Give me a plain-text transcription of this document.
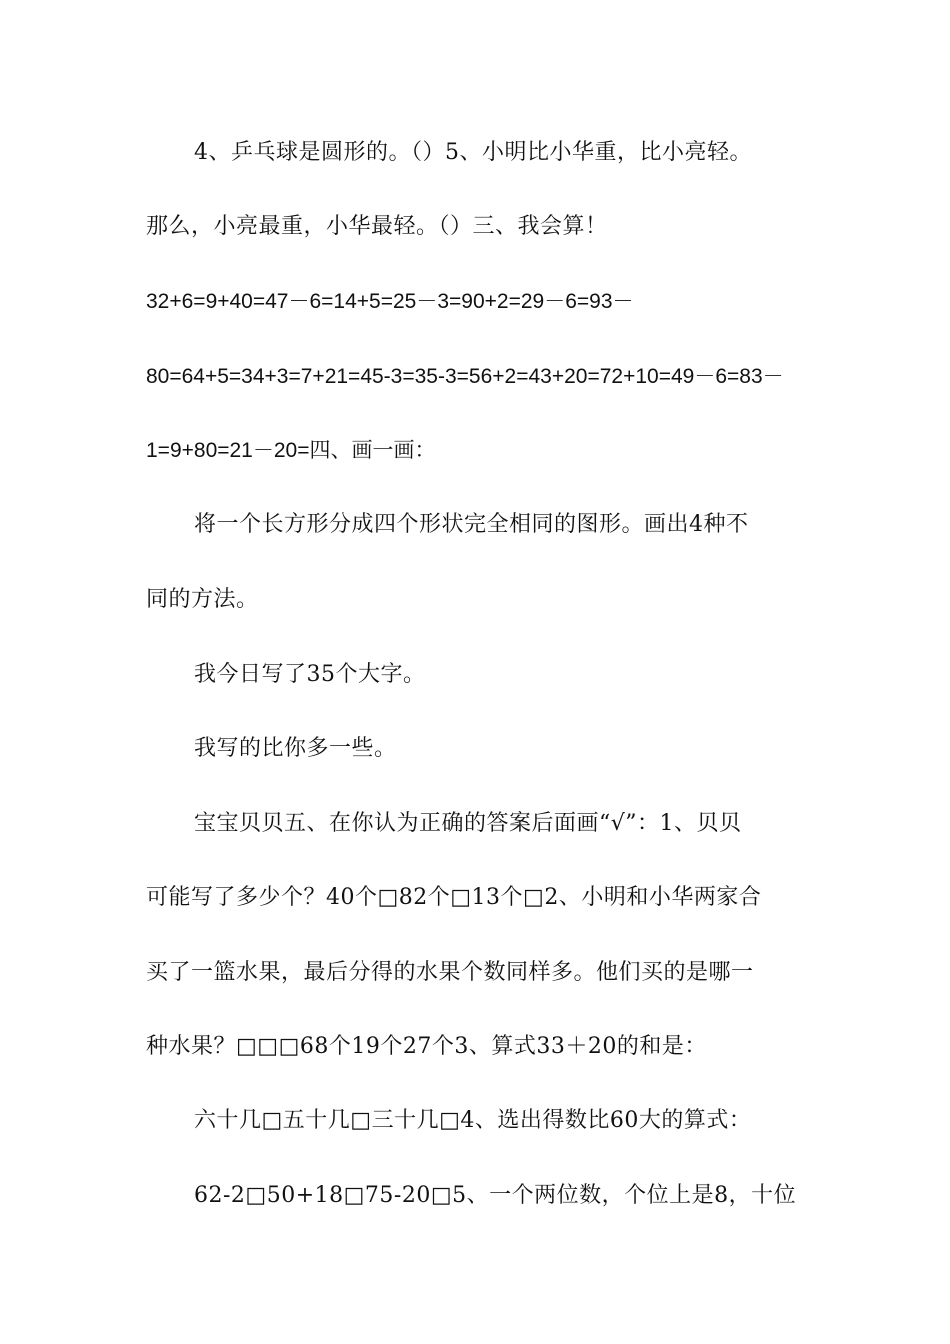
4、乒乓球是圆形的。（）5、小明比小华重，比小亮轻。
那么，小亮最重，小华最轻。（）三、我会算！
32+6=9+40=47－6=14+5=25－3=90+2=29－6=93－
80=64+5=34+3=7+21=45-3=35-3=56+2=43+20=72+10=49－6=83－
1=9+80=21－20=四、画一画：
将一个长方形分成四个形状完全相同的图形。画出4种不
同的方法。
我今日写了35个大字。
我写的比你多一些。
宝宝贝贝五、在你认为正确的答案后面画“√”：1、贝贝
可能写了多少个？40个□82个□13个□2、小明和小华两家合
买了一篮水果，最后分得的水果个数同样多。他们买的是哪一
种水果？□□□68个19个27个3、算式33＋20的和是：
六十几□五十几□三十几□4、选出得数比60大的算式：
62-2□50+18□75-20□5、一个两位数，个位上是8，十位
